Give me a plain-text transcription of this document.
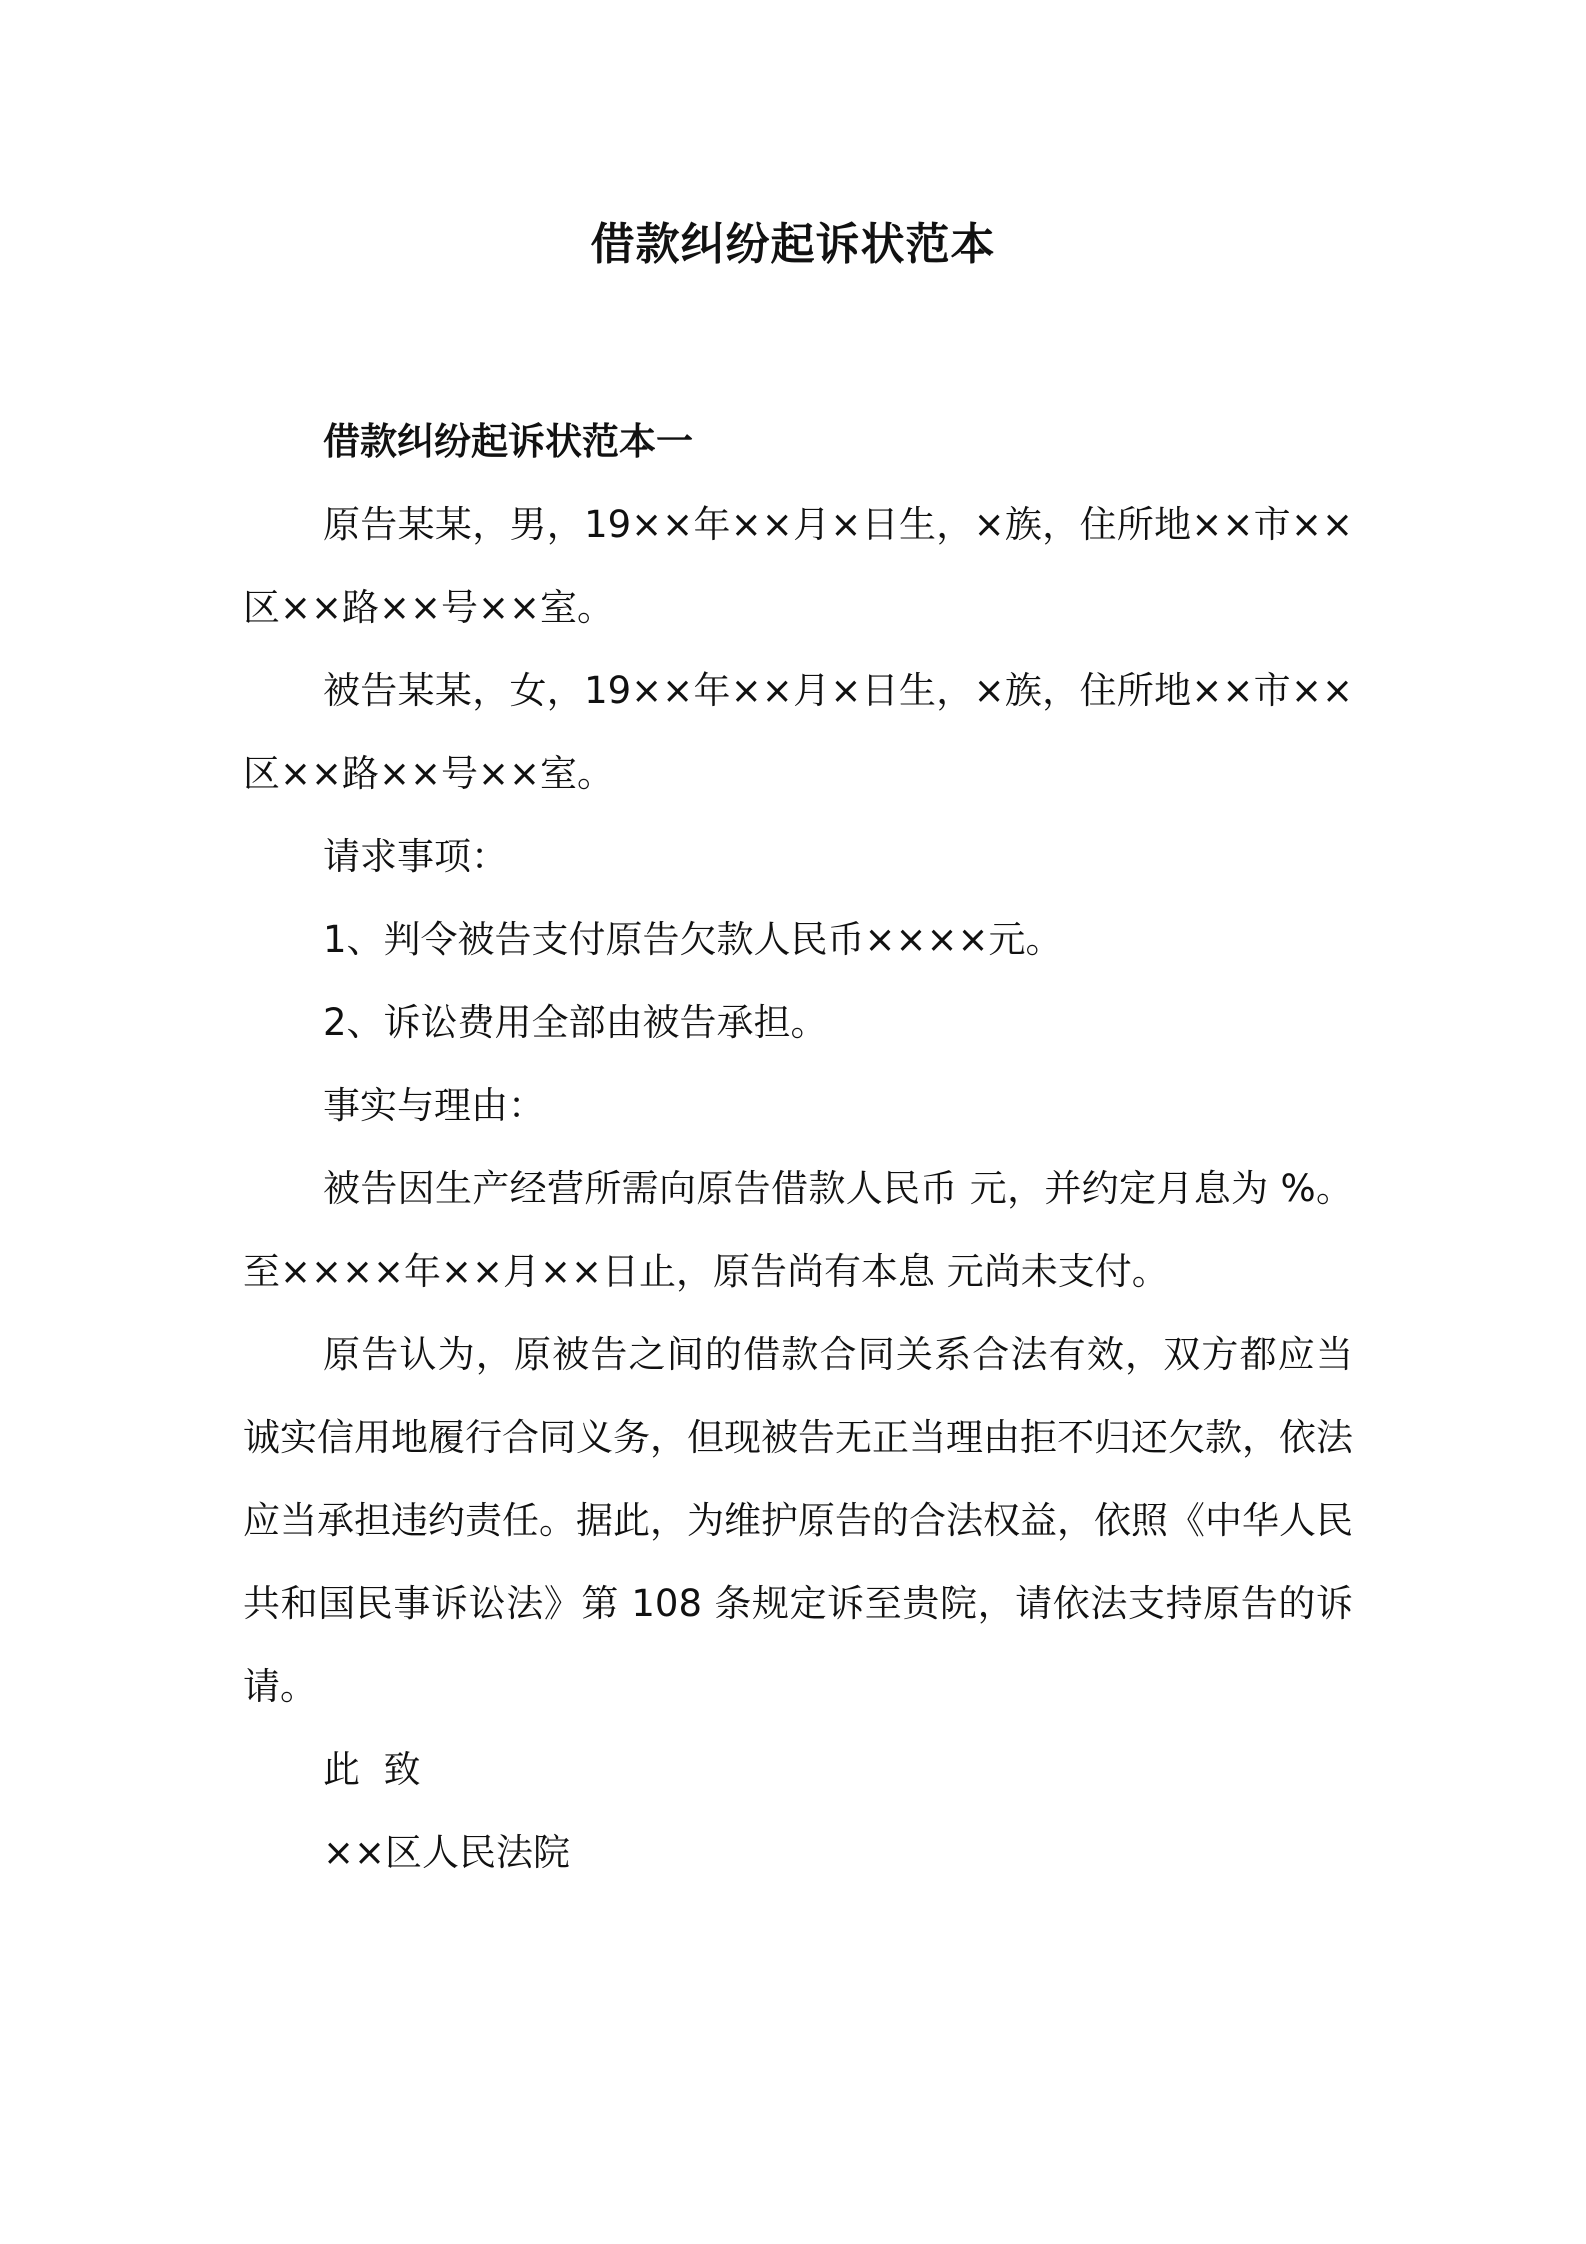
借款纠纷起诉状范本

借款纠纷起诉状范本一

原告某某，男，19××年××月×日生，×族，住所地××市××区××路××号××室。

被告某某，女，19××年××月×日生，×族，住所地××市××区××路××号××室。

请求事项：

1、判令被告支付原告欠款人民币××××元。

2、诉讼费用全部由被告承担。

事实与理由：

被告因生产经营所需向原告借款人民币 元，并约定月息为 %。至××××年××月××日止，原告尚有本息 元尚未支付。

原告认为，原被告之间的借款合同关系合法有效，双方都应当诚实信用地履行合同义务，但现被告无正当理由拒不归还欠款，依法应当承担违约责任。据此，为维护原告的合法权益，依照《中华人民共和国民事诉讼法》第 108 条规定诉至贵院，请依法支持原告的诉请。

此  致

××区人民法院
